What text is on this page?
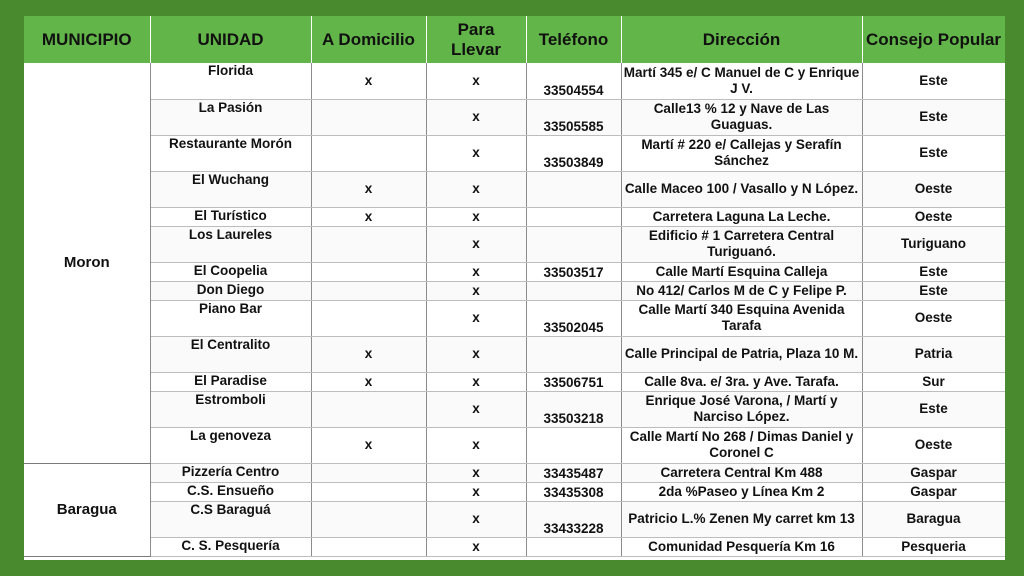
MUNICIPIO	UNIDAD	A Domicilio	Para Llevar	Teléfono	Dirección	Consejo Popular
Moron	Florida	x	x	33504554	Martí 345 e/ C Manuel de C y Enrique J V.	Este
	La Pasión		x	33505585	Calle13 % 12 y Nave de Las Guaguas.	Este
	Restaurante Morón		x	33503849	Martí # 220 e/ Callejas y Serafín Sánchez	Este
	El Wuchang	x	x		Calle Maceo 100 / Vasallo y N López.	Oeste
	El Turístico	x	x		Carretera Laguna La Leche.	Oeste
	Los Laureles		x		Edificio # 1 Carretera Central Turiguanó.	Turiguano
	El Coopelia		x	33503517	Calle Martí Esquina Calleja	Este
	Don Diego		x		No 412/ Carlos M de C y Felipe P.	Este
	Piano Bar		x	33502045	Calle Martí 340 Esquina Avenida Tarafa	Oeste
	El Centralito	x	x		Calle Principal de Patria, Plaza 10 M.	Patria
	El Paradise	x	x	33506751	Calle 8va. e/ 3ra. y Ave. Tarafa.	Sur
	Estromboli		x	33503218	Enrique José Varona, / Martí y Narciso López.	Este
	La genoveza	x	x		Calle Martí No 268 / Dimas Daniel y Coronel C	Oeste
Baragua	Pizzería Centro		x	33435487	Carretera Central Km 488	Gaspar
	C.S. Ensueño		x	33435308	2da %Paseo y Línea Km 2	Gaspar
	C.S Baraguá		x	33433228	Patricio L.% Zenen My carret km 13	Baragua
	C. S. Pesquería		x		Comunidad Pesquería Km 16	Pesqueria
